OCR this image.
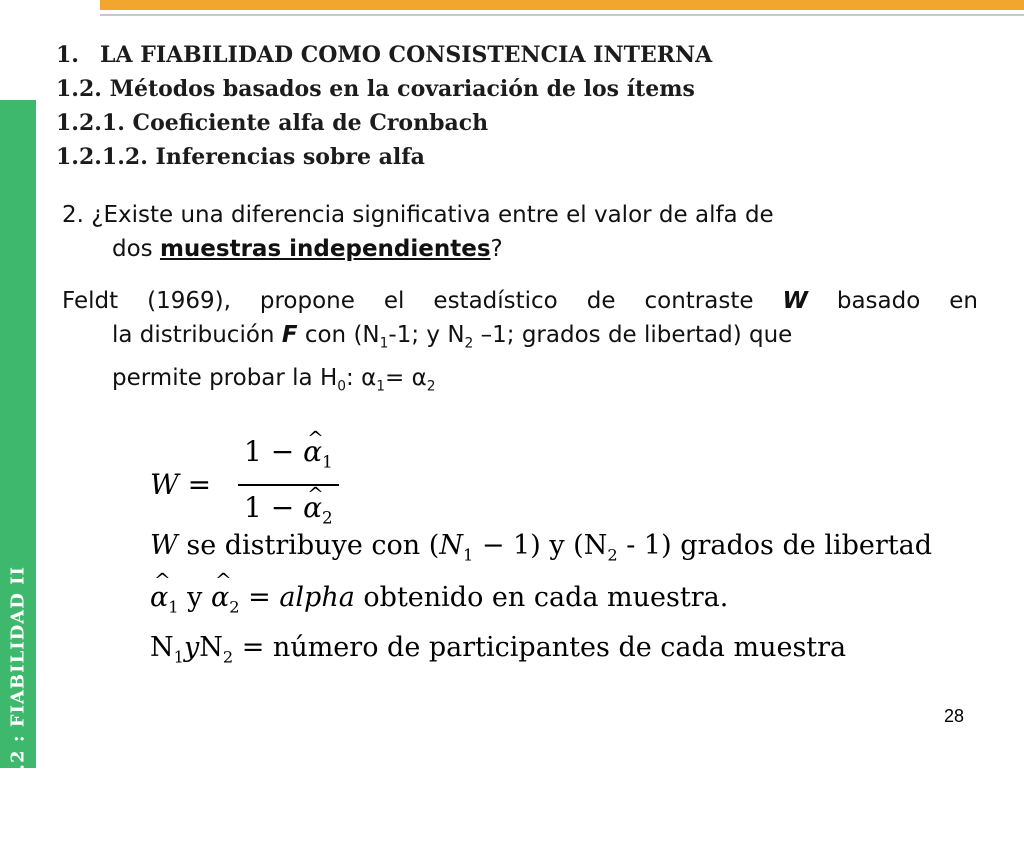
TEMA 5.2 : FIABILIDAD II
1. LA FIABILIDAD COMO CONSISTENCIA INTERNA
1.2. Métodos basados en la covariación de los ítems
1.2.1. Coeficiente alfa de Cronbach
1.2.1.2. Inferencias sobre alfa
2. ¿Existe una diferencia significativa entre el valor de alfa de
dos muestras independientes?
Feldt (1969), propone el estadístico de contraste W basado en
la distribución F con ($N_1-1$; y $N_2$ –1; grados de libertad) que
permite probar la $H_0$: $\alpha_1= \alpha_2$
$W = \frac{1 - \^{} \alpha_1}{1 - \^{} \alpha_2}$
W se distribuye con $(N_1 - 1)$ y $(N_2 - 1)$ grados de libertad
^ $\alpha_1$ y ^ $\alpha_2$ = alpha obtenido en cada muestra.
$N_1yN_2$ = número de participantes de cada muestra
28
